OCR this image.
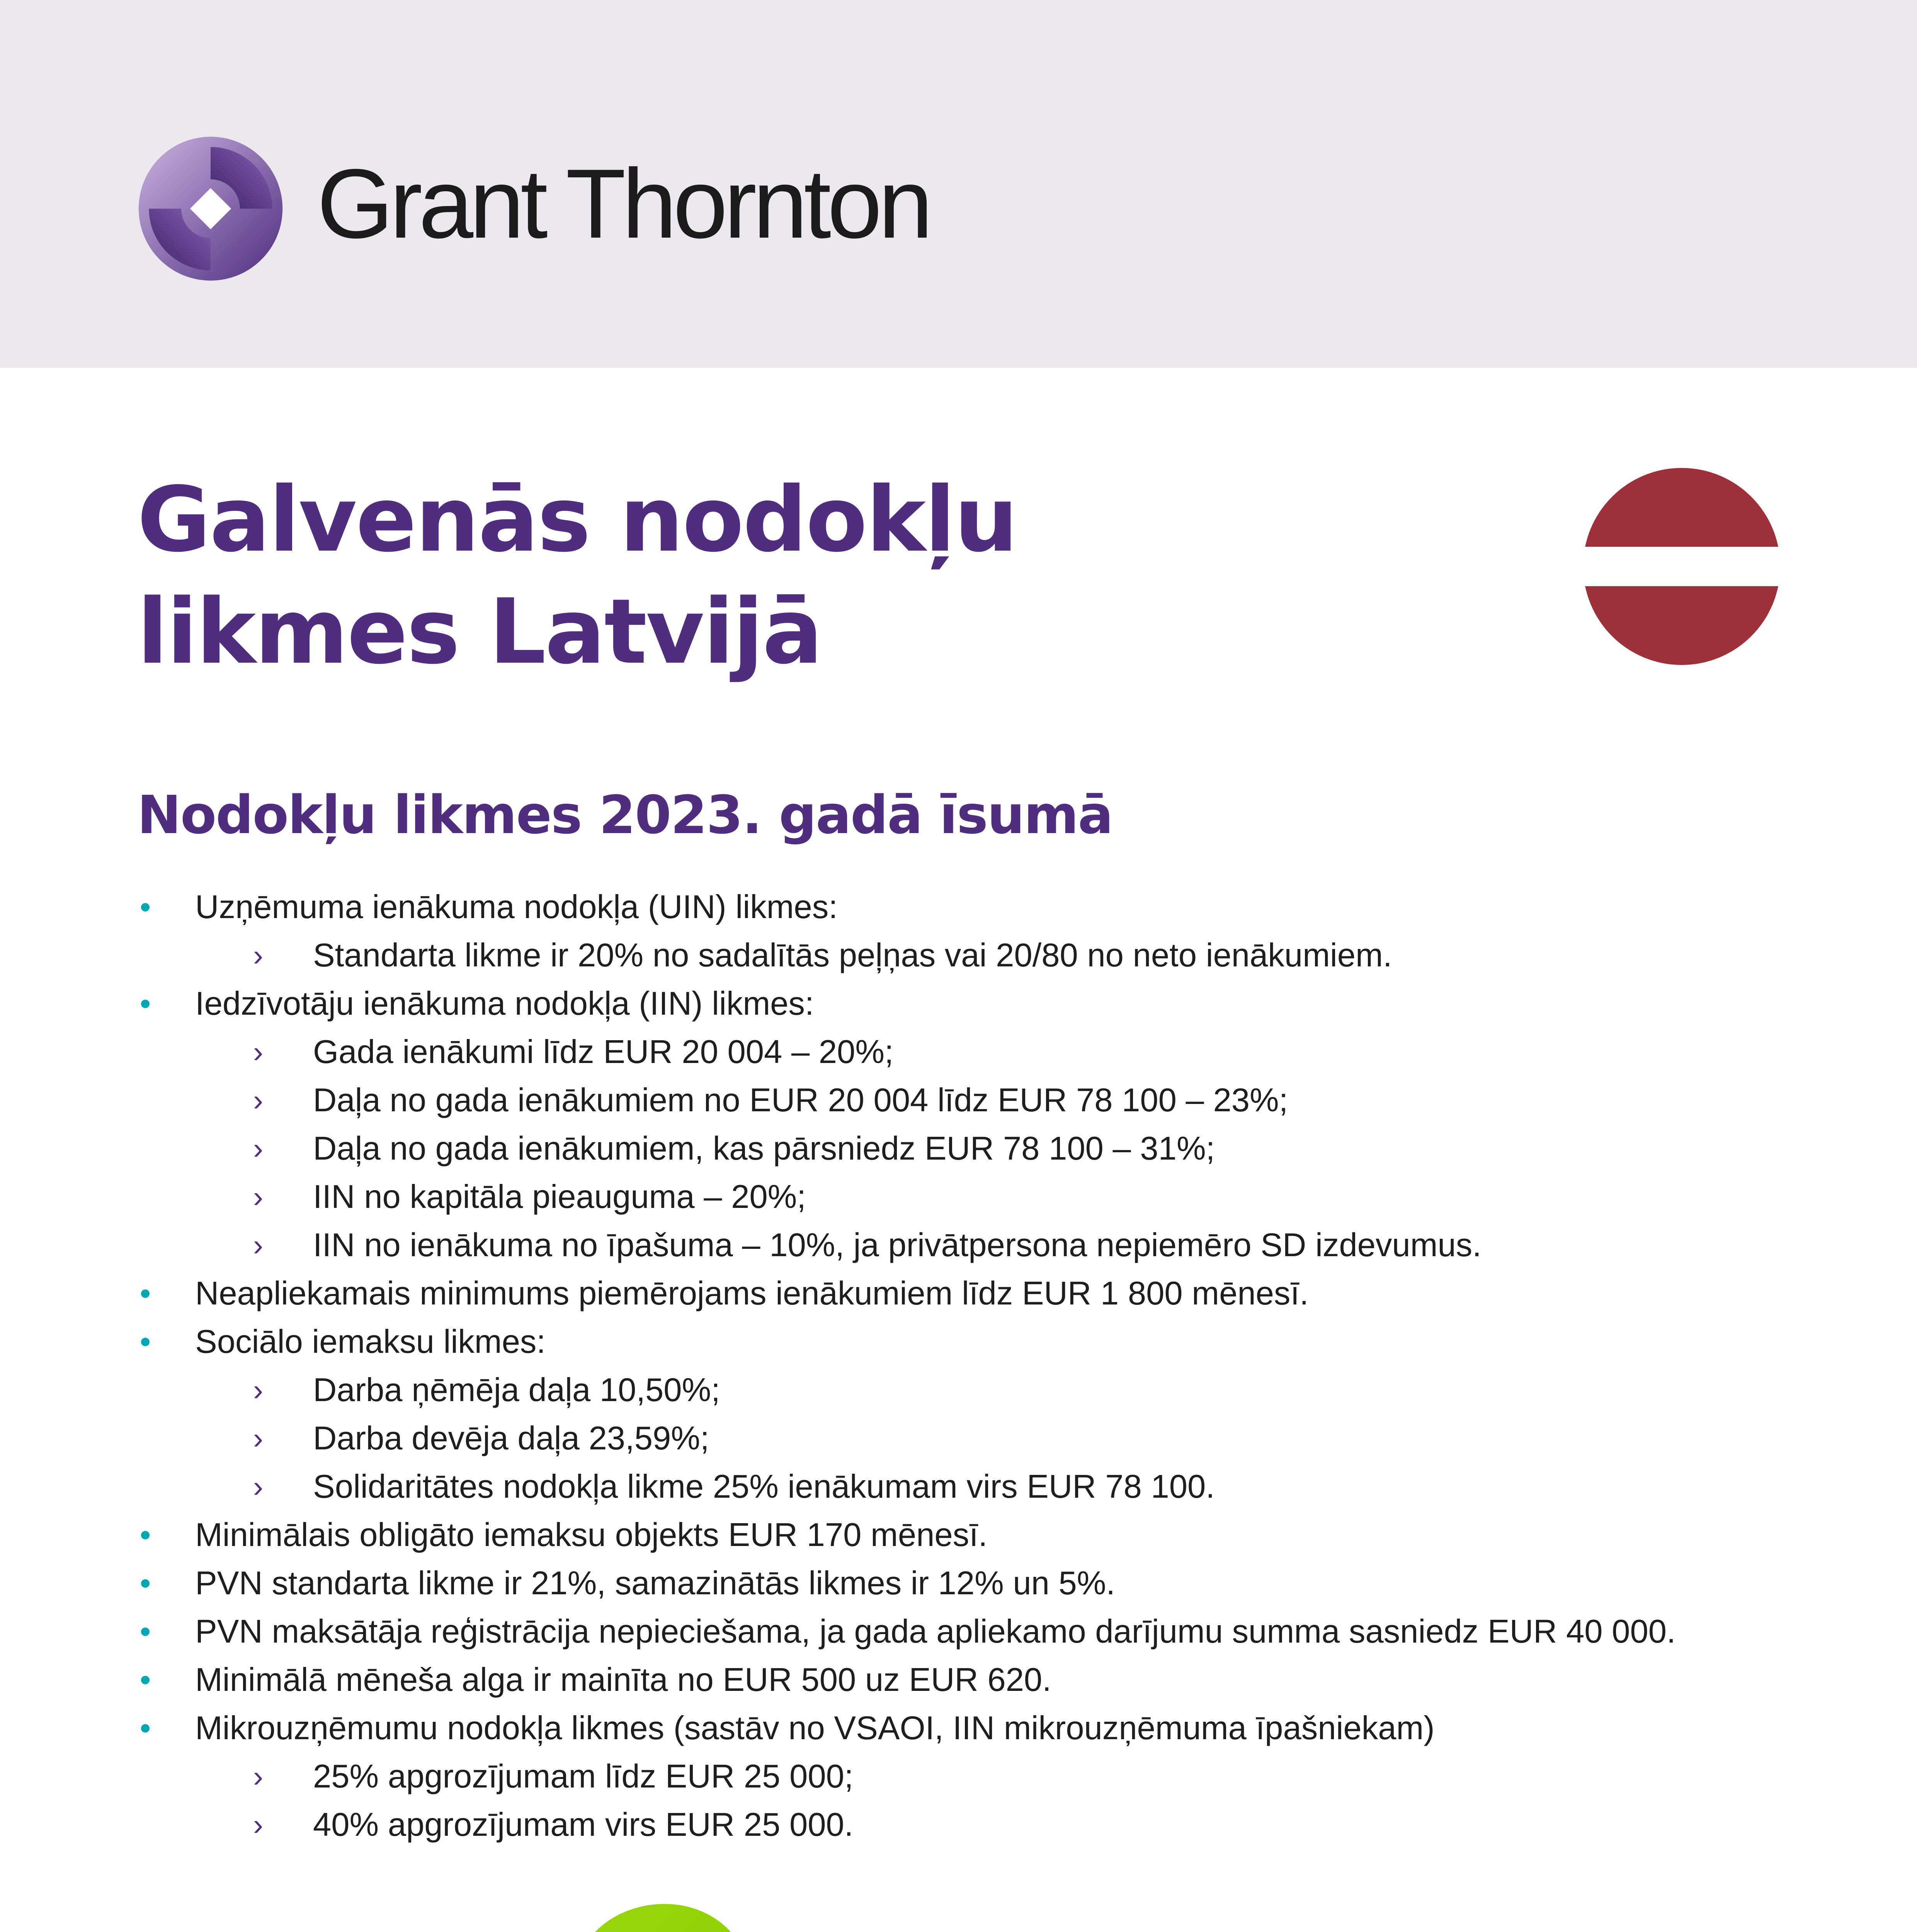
Grant Thornton
Galvenās nodokļu
likmes Latvijā
Nodokļu likmes 2023. gadā īsumā
Uzņēmuma ienākuma nodokļa (UIN) likmes:
› Standarta likme ir 20% no sadalītās peļņas vai 20/80 no neto ienākumiem.
Iedzīvotāju ienākuma nodokļa (IIN) likmes:
› Gada ienākumi līdz EUR 20 004 – 20%;
› Daļa no gada ienākumiem no EUR 20 004 līdz EUR 78 100 – 23%;
› Daļa no gada ienākumiem, kas pārsniedz EUR 78 100 – 31%;
› IIN no kapitāla pieauguma – 20%;
› IIN no ienākuma no īpašuma – 10%, ja privātpersona nepiemēro SD izdevumus.
Neapliekamais minimums piemērojams ienākumiem līdz EUR 1 800 mēnesī.
Sociālo iemaksu likmes:
› Darba ņēmēja daļa 10,50%;
› Darba devēja daļa 23,59%;
› Solidaritātes nodokļa likme 25% ienākumam virs EUR 78 100.
Minimālais obligāto iemaksu objekts EUR 170 mēnesī.
PVN standarta likme ir 21%, samazinātās likmes ir 12% un 5%.
PVN maksātāja reģistrācija nepieciešama, ja gada apliekamo darījumu summa sasniedz EUR 40 000.
Minimālā mēneša alga ir mainīta no EUR 500 uz EUR 620.
Mikrouzņēmumu nodokļa likmes (sastāv no VSAOI, IIN mikrouzņēmuma īpašniekam)
› 25% apgrozījumam līdz EUR 25 000;
› 40% apgrozījumam virs EUR 25 000.
